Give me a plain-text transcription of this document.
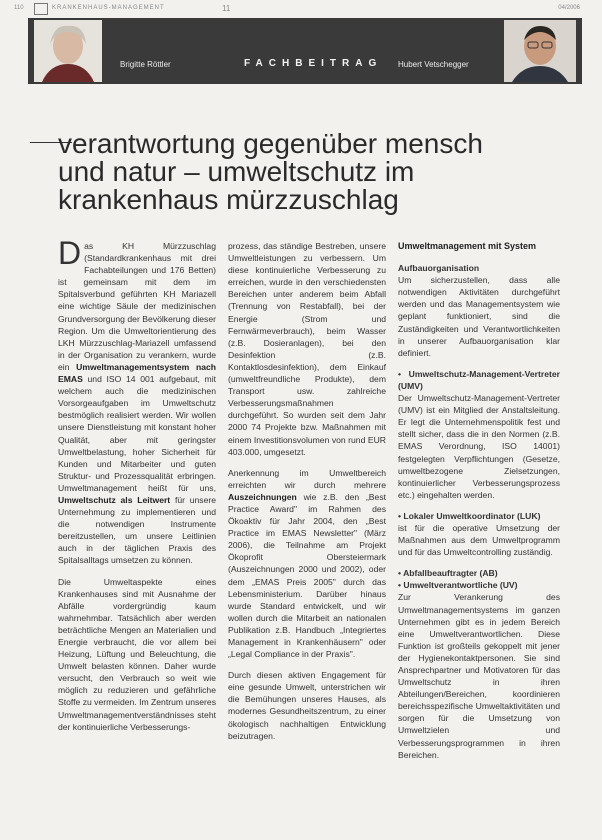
110	KRANKENHAUS-MANAGEMENT	11	04/2006
Brigitte Röttler	FACHBEITRAG Hubert Vetschegger
verantwortung gegenüber mensch
und natur – umweltschutz im
krankenhaus mürzzuschlag

Das KH Mürzzuschlag (Standardkrankenhaus mit drei Fachabteilungen und 176 Betten) ist gemeinsam mit dem im Spitalsverbund geführten KH Mariazell eine wichtige Säule der medizinischen Grundversorgung der Bevölkerung dieser Region. Um die Umweltorientierung des LKH Mürzzuschlag-Mariazell umfassend in der Organisation zu verankern, wurde ein Umweltmanagementsystem nach EMAS und ISO 14 001 aufgebaut, mit welchem auch die medizinischen Vorsorgeaufgaben im Umweltschutz bestmöglich realisiert werden. Wir wollen unsere Dienstleistung mit konstant hoher Qualität, aber mit geringster Umweltbelastung, hoher Sicherheit für Kunden und Mitarbeiter und guten Struktur- und Prozessqualität erbringen. Umweltmanagement heißt für uns, Umweltschutz als Leitwert für unsere Unternehmung zu implementieren und die notwendigen Instrumente bereitzustellen, um unsere Leitlinien auch in der täglichen Praxis des Spitalsalltags umsetzen zu können.

Die Umweltaspekte eines Krankenhauses sind mit Ausnahme der Abfälle vordergründig kaum wahrnehmbar. Tatsächlich aber werden beträchtliche Mengen an Materialien und Energie verbraucht, die vor allem bei Heizung, Lüftung und Beleuchtung, die Umwelt belasten können. Daher wurde versucht, den Verbrauch so weit wie möglich zu reduzieren und gefährliche Stoffe zu vermeiden. Im Zentrum unseres Umweltmanagementverständnisses steht der kontinuierliche Verbesserungs-

prozess, das ständige Bestreben, unsere Umweltleistungen zu verbessern. Um diese kontinuierliche Verbesserung zu erreichen, wurde in den verschiedensten Bereichen unter anderem beim Abfall (Trennung von Restabfall), bei der Energie (Strom und Fernwärmeverbrauch), beim Wasser (z.B. Dosieranlagen), bei den Desinfektion (z.B. Kontaktlosdesinfektion), dem Einkauf (umweltfreundliche Produkte), dem Transport usw. zahlreiche Verbesserungsmaßnahmen durchgeführt. So wurden seit dem Jahr 2000 74 Projekte bzw. Maßnahmen mit einem Investitionsvolumen von rund EUR 403.000, umgesetzt.

Anerkennung im Umweltbereich erreichten wir durch mehrere Auszeichnungen wie z.B. den „Best Practice Award" im Rahmen des Ökoaktiv für Jahr 2004, den „Best Practice im EMAS Newsletter" (März 2006), die Teilnahme am Projekt Ökoprofit Obersteiermark (Auszeichnungen 2000 und 2002), oder dem „EMAS Preis 2005" durch das Lebensministerium. Darüber hinaus wurde Standard entwickelt, und wir wollen durch die Mitarbeit an nationalen Publikation z.B. Handbuch „Integriertes Management in Krankenhäusern" oder „Legal Compliance in der Praxis".

Durch diesen aktiven Engagement für eine gesunde Umwelt, unterstrichen wir die Bemühungen unseres Hauses, als modernes Gesundheitszentrum, zu einer ökologisch nachhaltigen Entwicklung beizutragen.

Umweltmanagement mit System
Aufbauorganisation

Um sicherzustellen, dass alle notwendigen Aktivitäten durchgeführt werden und das Managementsystem wie geplant funktioniert, sind die Zuständigkeiten und Verantwortlichkeiten in unserer Aufbauorganisation klar definiert.

• Umweltschutz-Management-Vertreter (UMV)

Der Umweltschutz-Management-Vertreter (UMV) ist ein Mitglied der Anstaltsleitung. Er legt die Unternehmenspolitik fest und stellt sicher, dass die in den Normen (z.B. EMAS Verordnung, ISO 14001) festgelegten Verpflichtungen (Gesetze, umweltbezogene Zielsetzungen, kontinuierlicher Verbesserungsprozess etc.) eingehalten werden.

• Lokaler Umweltkoordinator (LUK)

ist für die operative Umsetzung der Maßnahmen aus dem Umweltprogramm und für das Umweltcontrolling zuständig.

• Abfallbeauftragter (AB)
• Umweltverantwortliche (UV)

Zur Verankerung des Umweltmanagementsystems im ganzen Unternehmen gibt es in jedem Bereich eine Umweltverantwortlichen. Diese Funktion ist großteils gekoppelt mit jener der Hygienekontaktpersonen. Sie sind Ansprechpartner und Motivatoren für das Umweltschutz in ihren Abteilungen/Bereichen, koordinieren bereichsspezifische Umweltaktivitäten und sorgen für die Umsetzung von Umweltzielen und Verbesserungsprogrammen in ihren Bereichen.
